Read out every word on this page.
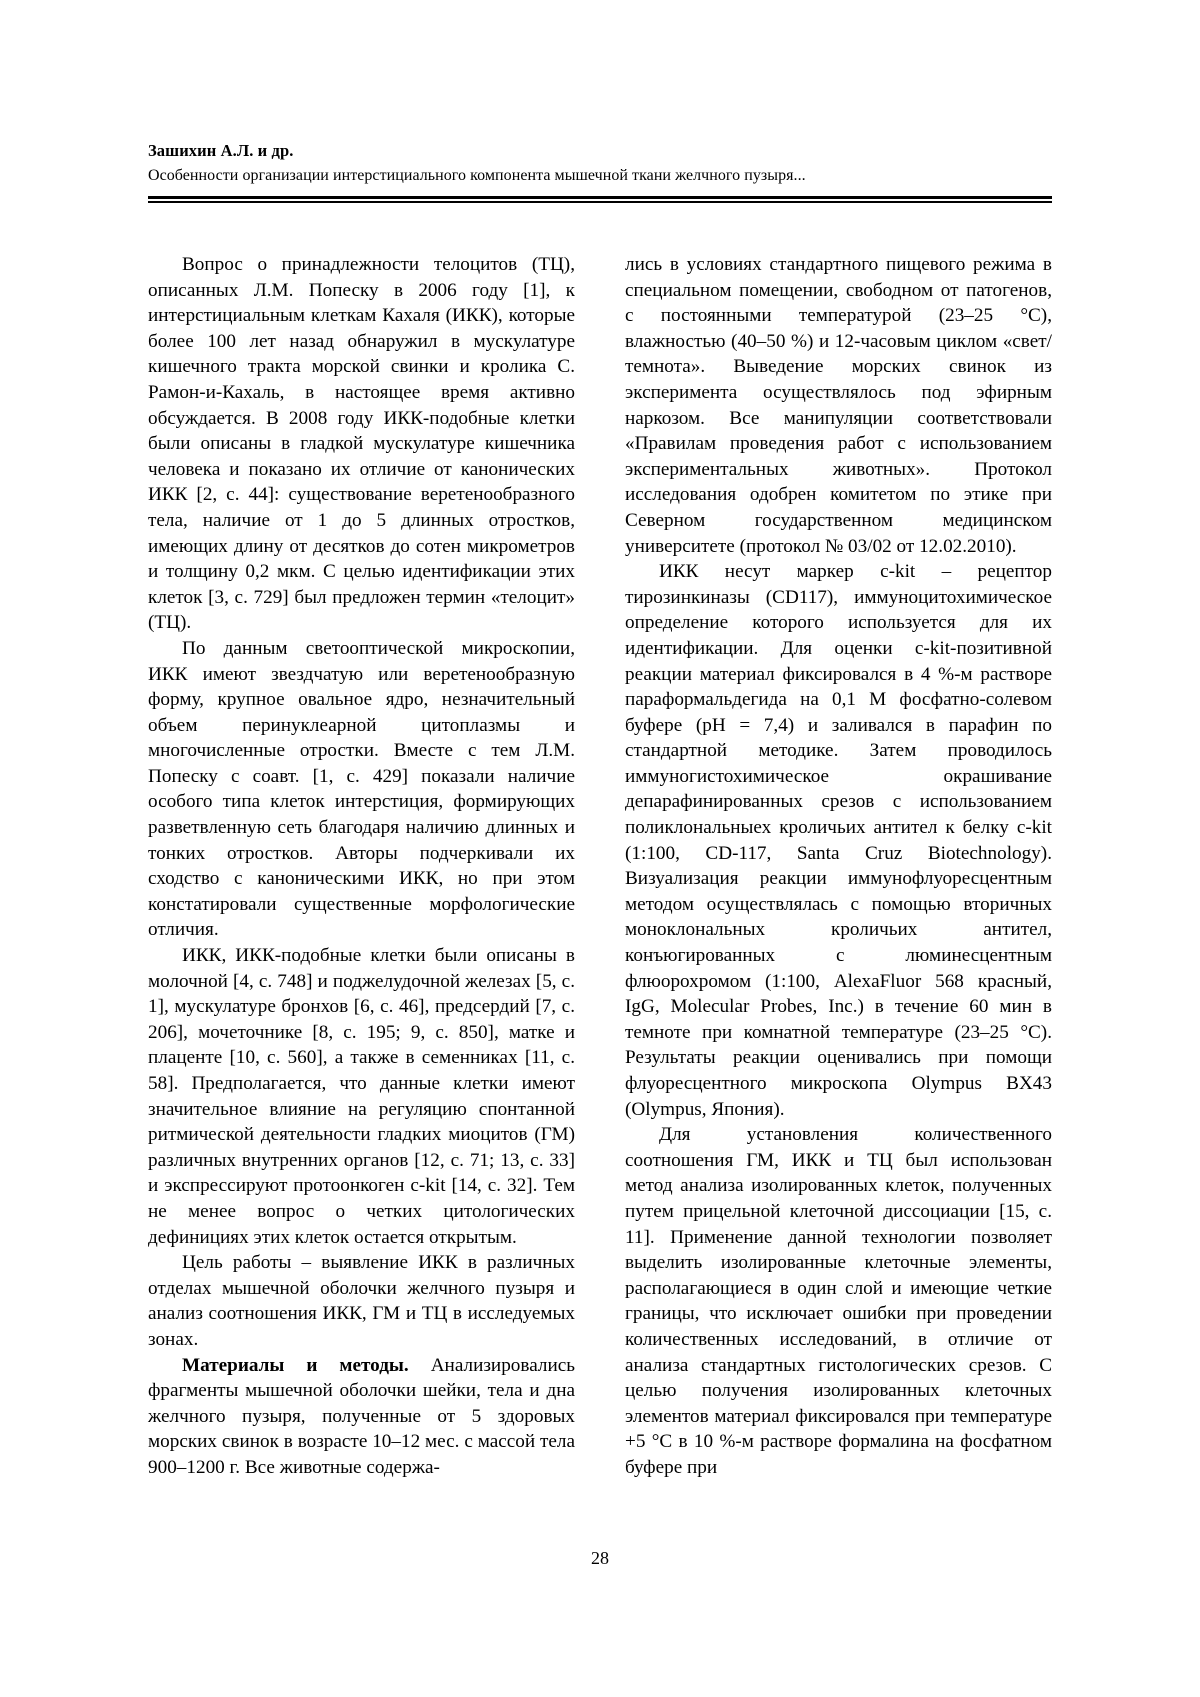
Зашихин А.Л. и др.
Особенности организации интерстициального компонента мышечной ткани желчного пузыря...

Вопрос о принадлежности телоцитов (ТЦ), описанных Л.М. Попеску в 2006 году [1], к интерстициальным клеткам Кахаля (ИКК), которые более 100 лет назад обнаружил в мускулатуре кишечного тракта морской свинки и кролика С. Рамон-и-Кахаль, в настоящее время активно обсуждается. В 2008 году ИКК-подобные клетки были описаны в гладкой мускулатуре кишечника человека и показано их отличие от канонических ИКК [2, с. 44]: существование веретенообразного тела, наличие от 1 до 5 длинных отростков, имеющих длину от десятков до сотен микрометров и толщину 0,2 мкм. С целью идентификации этих клеток [3, с. 729] был предложен термин «телоцит» (ТЦ).

По данным светооптической микроскопии, ИКК имеют звездчатую или веретенообразную форму, крупное овальное ядро, незначительный объем перинуклеарной цитоплазмы и многочисленные отростки. Вместе с тем Л.М. Попеску с соавт. [1, с. 429] показали наличие особого типа клеток интерстиция, формирующих разветвленную сеть благодаря наличию длинных и тонких отростков. Авторы подчеркивали их сходство с каноническими ИКК, но при этом констатировали существенные морфологические отличия.

ИКК, ИКК-подобные клетки были описаны в молочной [4, с. 748] и поджелудочной железах [5, с. 1], мускулатуре бронхов [6, с. 46], предсердий [7, с. 206], мочеточнике [8, с. 195; 9, с. 850], матке и плаценте [10, с. 560], а также в семенниках [11, с. 58]. Предполагается, что данные клетки имеют значительное влияние на регуляцию спонтанной ритмической деятельности гладких миоцитов (ГМ) различных внутренних органов [12, с. 71; 13, с. 33] и экспрессируют протоонкоген c-kit [14, с. 32]. Тем не менее вопрос о четких цитологических дефинициях этих клеток остается открытым.

Цель работы – выявление ИКК в различных отделах мышечной оболочки желчного пузыря и анализ соотношения ИКК, ГМ и ТЦ в исследуемых зонах.

Материалы и методы. Анализировались фрагменты мышечной оболочки шейки, тела и дна желчного пузыря, полученные от 5 здоровых морских свинок в возрасте 10–12 мес. с массой тела 900–1200 г. Все животные содержа-

лись в условиях стандартного пищевого режима в специальном помещении, свободном от патогенов, с постоянными температурой (23–25 °С), влажностью (40–50 %) и 12-часовым циклом «свет/темнота». Выведение морских свинок из эксперимента осуществлялось под эфирным наркозом. Все манипуляции соответствовали «Правилам проведения работ с использованием экспериментальных животных». Протокол исследования одобрен комитетом по этике при Северном государственном медицинском университете (протокол № 03/02 от 12.02.2010).

ИКК несут маркер c-kit – рецептор тирозинкиназы (CD117), иммуноцитохимическое определение которого используется для их идентификации. Для оценки c-kit-позитивной реакции материал фиксировался в 4 %-м растворе параформальдегида на 0,1 М фосфатно-солевом буфере (рН = 7,4) и заливался в парафин по стандартной методике. Затем проводилось иммуногистохимическое окрашивание депарафинированных срезов с использованием поликлональныех кроличьих антител к белку c-kit (1:100, CD-117, Santa Cruz Biotechnology). Визуализация реакции иммунофлуоресцентным методом осуществлялась с помощью вторичных моноклональных кроличьих антител, конъюгированных с люминесцентным флюорохромом (1:100, AlexaFluor 568 красный, IgG, Molecular Probes, Inc.) в течение 60 мин в темноте при комнатной температуре (23–25 °С). Результаты реакции оценивались при помощи флуоресцентного микроскопа Olympus BX43 (Olympus, Япония).

Для установления количественного соотношения ГМ, ИКК и ТЦ был использован метод анализа изолированных клеток, полученных путем прицельной клеточной диссоциации [15, с. 11]. Применение данной технологии позволяет выделить изолированные клеточные элементы, располагающиеся в один слой и имеющие четкие границы, что исключает ошибки при проведении количественных исследований, в отличие от анализа стандартных гистологических срезов. С целью получения изолированных клеточных элементов материал фиксировался при температуре +5 °С в 10 %-м растворе формалина на фосфатном буфере при

28
